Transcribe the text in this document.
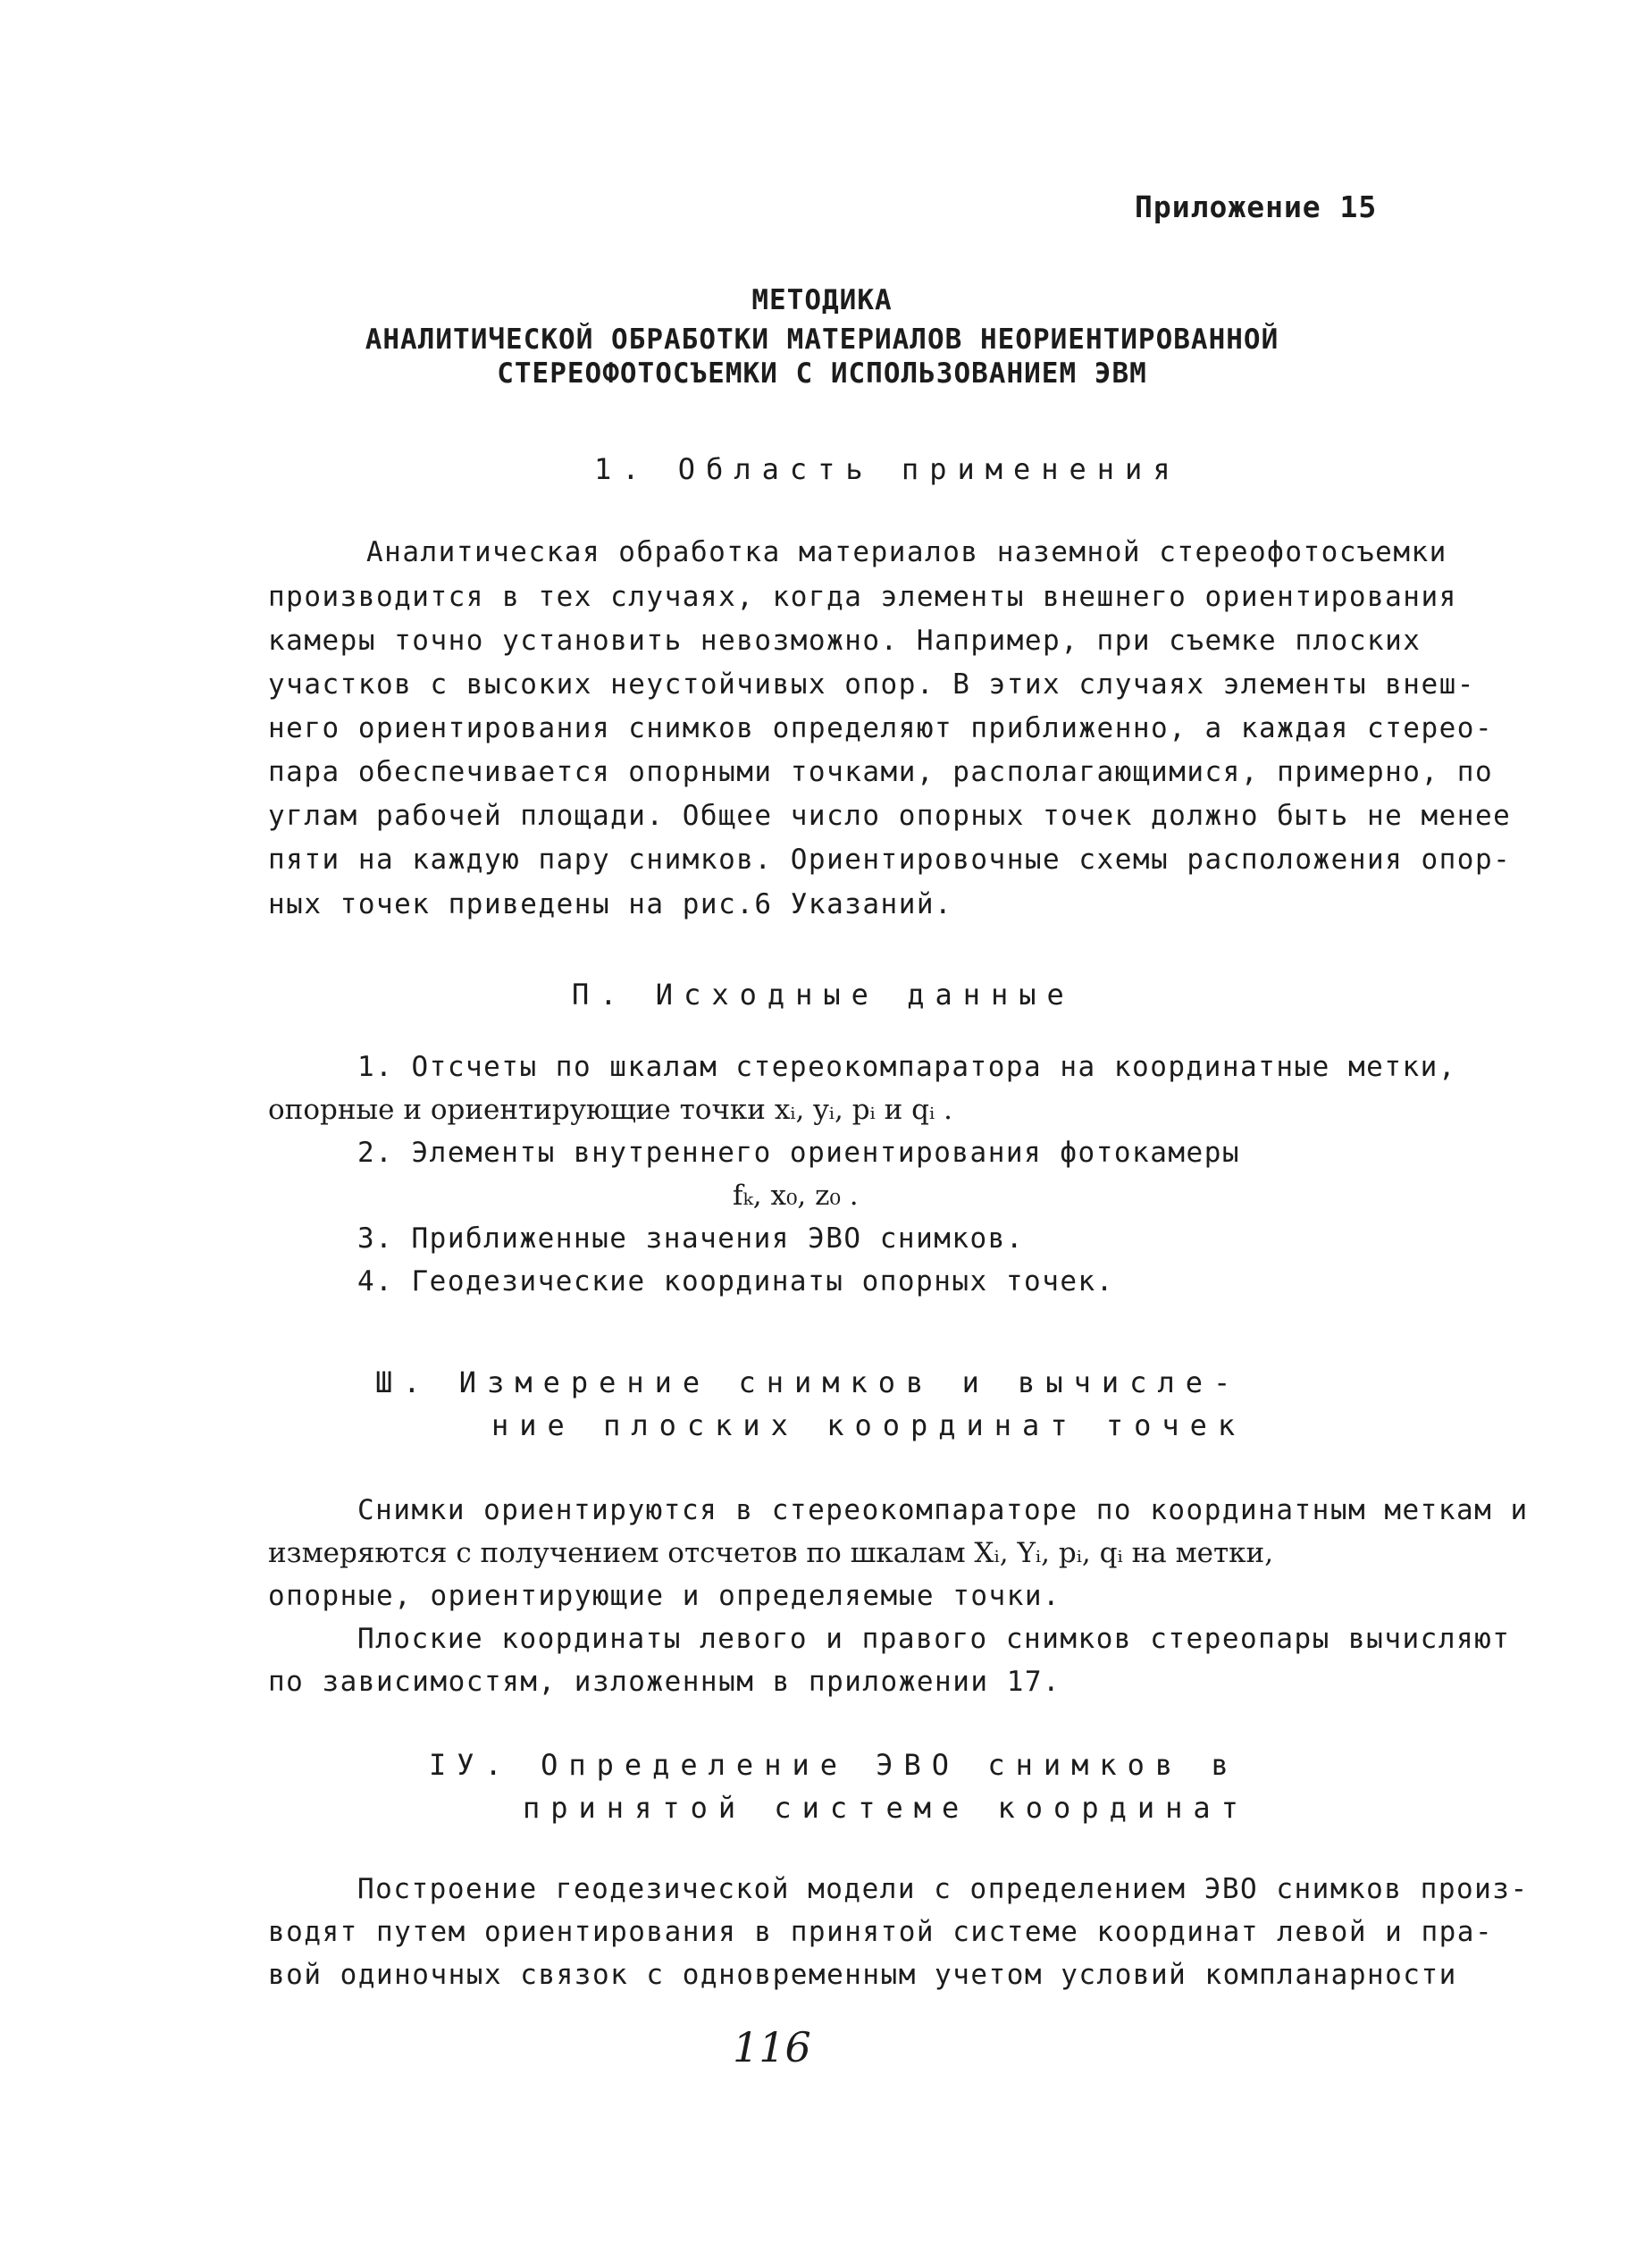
Приложение 15
МЕТОДИКА
АНАЛИТИЧЕСКОЙ ОБРАБОТКИ МАТЕРИАЛОВ НЕОРИЕНТИРОВАННОЙ
СТЕРЕОФОТОСЪЕМКИ С ИСПОЛЬЗОВАНИЕМ ЭВМ
1. Область применения
Аналитическая обработка материалов наземной стереофотосъемки
производится в тех случаях, когда элементы внешнего ориентирования
камеры точно установить невозможно. Например, при съемке плоских
участков с высоких неустойчивых опор. В этих случаях элементы внеш-
него ориентирования снимков определяют приближенно, а каждая стерео-
пара обеспечивается опорными точками, располагающимися, примерно, по
углам рабочей площади. Общее число опорных точек должно быть не менее
пяти на каждую пару снимков. Ориентировочные схемы расположения опор-
ных точек приведены на рис.6 Указаний.
П. Исходные данные
1. Отсчеты по шкалам стереокомпаратора на координатные метки,
опорные и ориентирующие точки xᵢ, yᵢ, pᵢ и qᵢ .
2. Элементы внутреннего ориентирования фотокамеры
fₖ, x₀, z₀ .
3. Приближенные значения ЭВО снимков.
4. Геодезические координаты опорных точек.
Ш. Измерение снимков и вычисле-
ние плоских координат точек
Снимки ориентируются в стереокомпараторе по координатным меткам и
измеряются с получением отсчетов по шкалам Xᵢ, Yᵢ, pᵢ, qᵢ на метки,
опорные, ориентирующие и определяемые точки.
Плоские координаты левого и правого снимков стереопары вычисляют
по зависимостям, изложенным в приложении 17.
IУ. Определение ЭВО снимков в
принятой системе координат
Построение геодезической модели с определением ЭВО снимков произ-
водят путем ориентирования в принятой системе координат левой и пра-
вой одиночных связок с одновременным учетом условий компланарности
116
